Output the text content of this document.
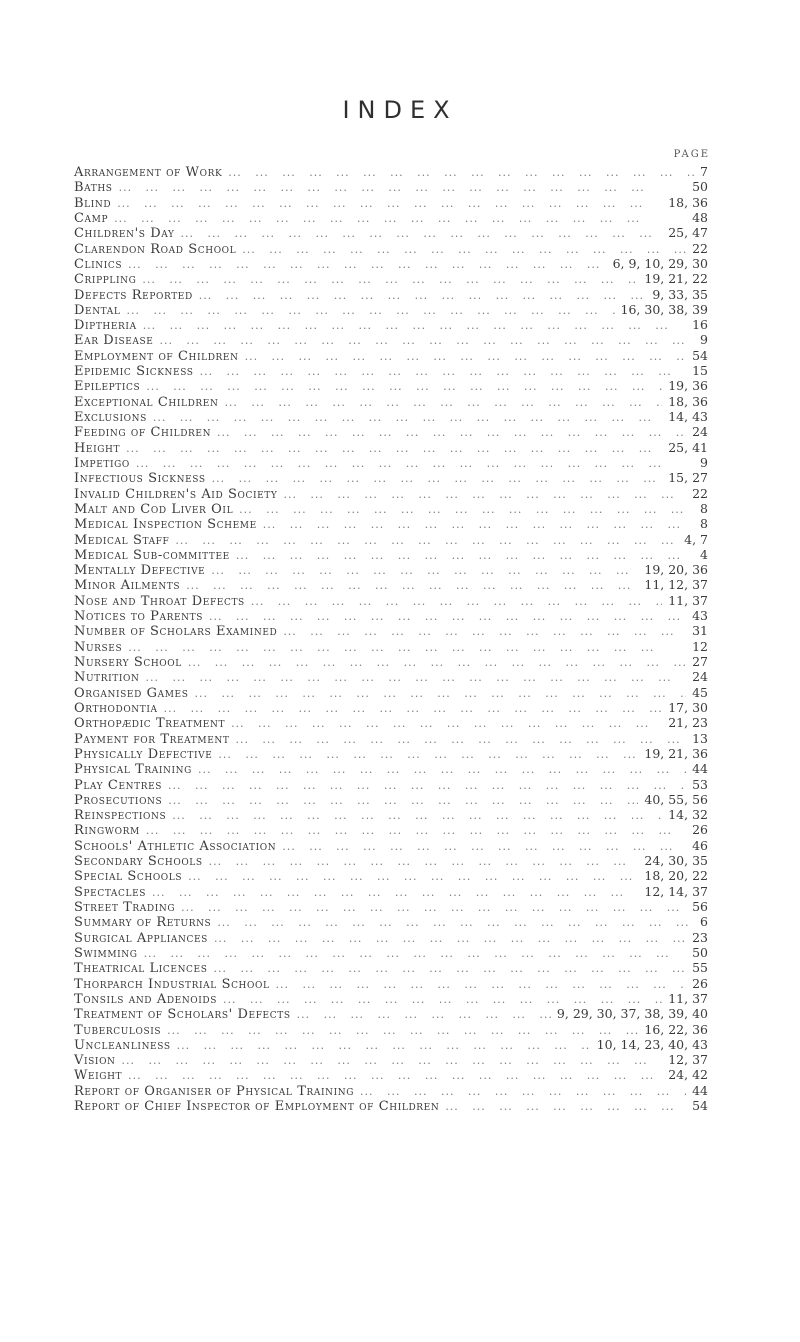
INDEX
PAGE
Arrangement of Work ...	7
Baths ...	50
Blind ...	18, 36
Camp ...	48
Children's Day ...	25, 47
Clarendon Road School ...	22
Clinics ...	6, 9, 10, 29, 30
Crippling ...	19, 21, 22
Defects Reported ...	9, 33, 35
Dental ...	16, 30, 38, 39
Diptheria ...	16
Ear Disease ...	9
Employment of Children ...	54
Epidemic Sickness ...	15
Epileptics ...	19, 36
Exceptional Children ...	18, 36
Exclusions ...	14, 43
Feeding of Children ...	24
Height ...	25, 41
Impetigo ...	9
Infectious Sickness ...	15, 27
Invalid Children's Aid Society ...	22
Malt and Cod Liver Oil ...	8
Medical Inspection Scheme ...	8
Medical Staff ...	4, 7
Medical Sub-committee ...	4
Mentally Defective ...	19, 20, 36
Minor Ailments ...	11, 12, 37
Nose and Throat Defects ...	11, 37
Notices to Parents ...	43
Number of Scholars Examined ...	31
Nurses ...	12
Nursery School ...	27
Nutrition ...	24
Organised Games ...	45
Orthodontia ...	17, 30
Orthopædic Treatment ...	21, 23
Payment for Treatment ...	13
Physically Defective ...	19, 21, 36
Physical Training ...	44
Play Centres ...	53
Prosecutions ...	40, 55, 56
Reinspections ...	14, 32
Ringworm ...	26
Schools' Athletic Association ...	46
Secondary Schools ...	24, 30, 35
Special Schools ...	18, 20, 22
Spectacles ...	12, 14, 37
Street Trading ...	56
Summary of Returns ...	6
Surgical Appliances ...	23
Swimming ...	50
Theatrical Licences ...	55
Thorparch Industrial School ...	26
Tonsils and Adenoids ...	11, 37
Treatment of Scholars' Defects ...	9, 29, 30, 37, 38, 39, 40
Tuberculosis ...	16, 22, 36
Uncleanliness ...	10, 14, 23, 40, 43
Vision ...	12, 37
Weight ...	24, 42
Report of Organiser of Physical Training ...	44
Report of Chief Inspector of Employment of Children ...	54
